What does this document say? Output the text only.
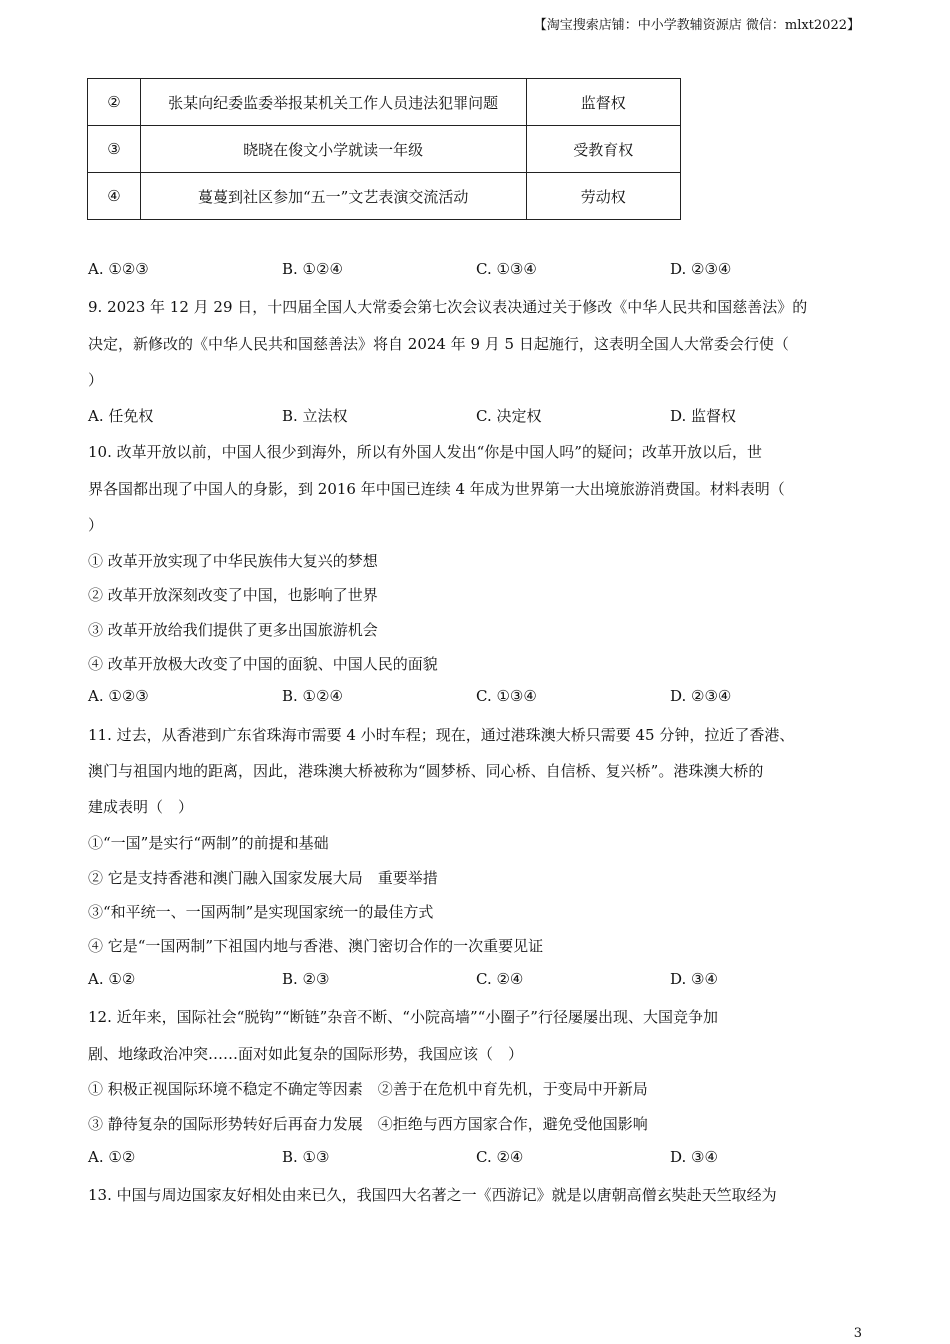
【淘宝搜索店铺：中小学教辅资源店 微信：mlxt2022】
②	张某向纪委监委举报某机关工作人员违法犯罪问题	监督权
③	晓晓在俊文小学就读一年级	受教育权
④	蔓蔓到社区参加“五一”文艺表演交流活动	劳动权
A. ①②③	B. ①②④	C. ①③④	D. ②③④
9. 2023 年 12 月 29 日，十四届全国人大常委会第七次会议表决通过关于修改《中华人民共和国慈善法》的
决定，新修改的《中华人民共和国慈善法》将自 2024 年 9 月 5 日起施行，这表明全国人大常委会行使（
）
A. 任免权	B. 立法权	C. 决定权	D. 监督权
10. 改革开放以前，中国人很少到海外，所以有外国人发出“你是中国人吗”的疑问；改革开放以后，世
界各国都出现了中国人的身影，到 2016 年中国已连续 4 年成为世界第一大出境旅游消费国。材料表明（
）
① 改革开放实现了中华民族伟大复兴的梦想
② 改革开放深刻改变了中国，也影响了世界
③ 改革开放给我们提供了更多出国旅游机会
④ 改革开放极大改变了中国的面貌、中国人民的面貌
A. ①②③	B. ①②④	C. ①③④	D. ②③④
11. 过去，从香港到广东省珠海市需要 4 小时车程；现在，通过港珠澳大桥只需要 45 分钟，拉近了香港、
澳门与祖国内地的距离，因此，港珠澳大桥被称为“圆梦桥、同心桥、自信桥、复兴桥”。港珠澳大桥的
建成表明（　）
①“一国”是实行“两制”的前提和基础
② 它是支持香港和澳门融入国家发展大局　重要举措
③“和平统一、一国两制”是实现国家统一的最佳方式
④ 它是“一国两制”下祖国内地与香港、澳门密切合作的一次重要见证
A. ①②	B. ②③	C. ②④	D. ③④
12. 近年来，国际社会“脱钩”“断链”杂音不断、“小院高墙”“小圈子”行径屡屡出现、大国竞争加
剧、地缘政治冲突……面对如此复杂的国际形势，我国应该（　）
① 积极正视国际环境不稳定不确定等因素　②善于在危机中育先机，于变局中开新局
③ 静待复杂的国际形势转好后再奋力发展　④拒绝与西方国家合作，避免受他国影响
A. ①②	B. ①③	C. ②④	D. ③④
13. 中国与周边国家友好相处由来已久，我国四大名著之一《西游记》就是以唐朝高僧玄奘赴天竺取经为
3
